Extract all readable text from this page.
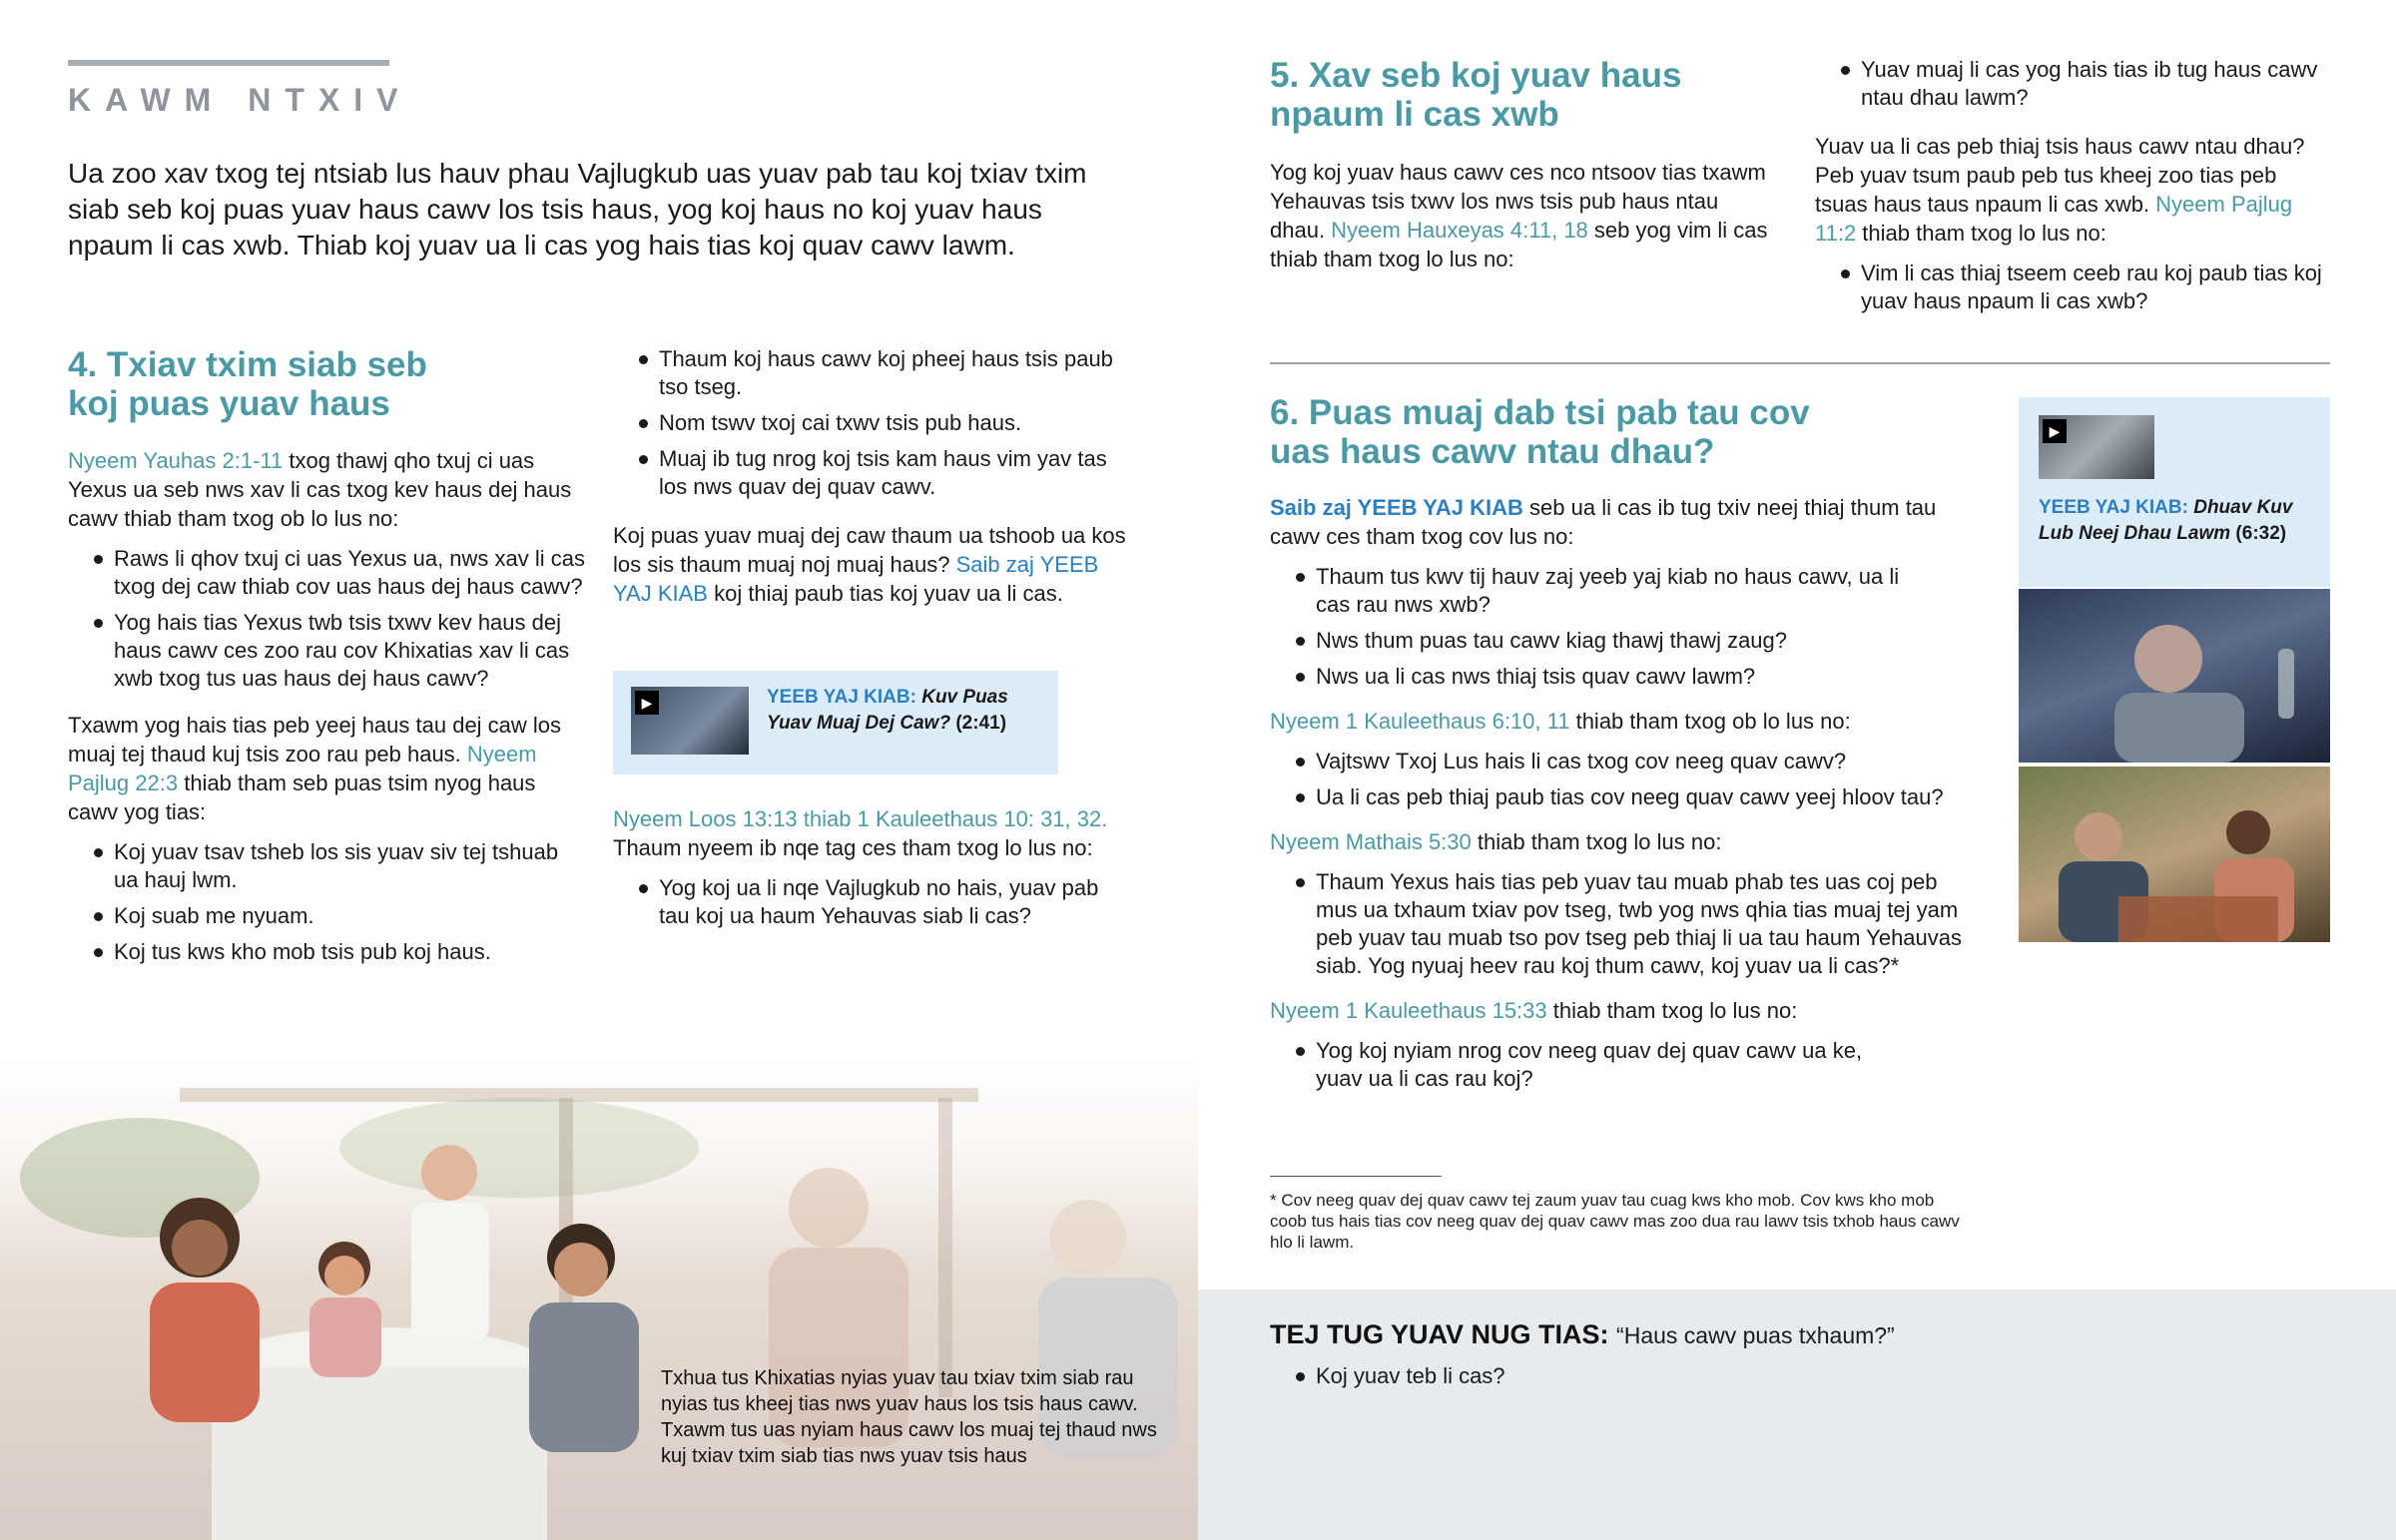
KAWM NTXIV
Ua zoo xav txog tej ntsiab lus hauv phau Vajlugkub uas yuav pab tau koj txiav txim siab seb koj puas yuav haus cawv los tsis haus, yog koj haus no koj yuav haus npaum li cas xwb. Thiab koj yuav ua li cas yog hais tias koj quav cawv lawm.
4. Txiav txim siab seb
koj puas yuav haus

Nyeem Yauhas 2:1-11 txog thawj qho txuj ci uas Yexus ua seb nws xav li cas txog kev haus dej haus cawv thiab tham txog ob lo lus no:

Raws li qhov txuj ci uas Yexus ua, nws xav li cas txog dej caw thiab cov uas haus dej haus cawv?
Yog hais tias Yexus twb tsis txwv kev haus dej haus cawv ces zoo rau cov Khixatias xav li cas xwb txog tus uas haus dej haus cawv?

Txawm yog hais tias peb yeej haus tau dej caw los muaj tej thaud kuj tsis zoo rau peb haus. Nyeem Pajlug 22:3 thiab tham seb puas tsim nyog haus cawv yog tias:

Koj yuav tsav tsheb los sis yuav siv tej tshuab ua hauj lwm.
Koj suab me nyuam.
Koj tus kws kho mob tsis pub koj haus.
Thaum koj haus cawv koj pheej haus tsis paub tso tseg.
Nom tswv txoj cai txwv tsis pub haus.
Muaj ib tug nrog koj tsis kam haus vim yav tas los nws quav dej quav cawv.

Koj puas yuav muaj dej caw thaum ua tshoob ua kos los sis thaum muaj noj muaj haus? Saib zaj YEEB YAJ KIAB koj thiaj paub tias koj yuav ua li cas.

▶	YEEB YAJ KIAB: Kuv Puas Yuav Muaj Dej Caw? (2:41)

Nyeem Loos 13:13 thiab 1 Kauleethaus 10: 31, 32. Thaum nyeem ib nqe tag ces tham txog lo lus no:

Yog koj ua li nqe Vajlugkub no hais, yuav pab tau koj ua haum Yehauvas siab li cas?
Txhua tus Khixatias nyias yuav tau txiav txim siab rau nyias tus kheej tias nws yuav haus los tsis haus cawv. Txawm tus uas nyiam haus cawv los muaj tej thaud nws kuj txiav txim siab tias nws yuav tsis haus
5. Xav seb koj yuav haus
npaum li cas xwb

Yog koj yuav haus cawv ces nco ntsoov tias txawm Yehauvas tsis txwv los nws tsis pub haus ntau dhau. Nyeem Hauxeyas 4:11, 18 seb yog vim li cas thiab tham txog lo lus no:

Yuav muaj li cas yog hais tias ib tug haus cawv ntau dhau lawm?

Yuav ua li cas peb thiaj tsis haus cawv ntau dhau? Peb yuav tsum paub peb tus kheej zoo tias peb tsuas haus taus npaum li cas xwb. Nyeem Pajlug 11:2 thiab tham txog lo lus no:

Vim li cas thiaj tseem ceeb rau koj paub tias koj yuav haus npaum li cas xwb?
6. Puas muaj dab tsi pab tau cov
uas haus cawv ntau dhau?

Saib zaj YEEB YAJ KIAB seb ua li cas ib tug txiv neej thiaj thum tau cawv ces tham txog cov lus no:

Thaum tus kwv tij hauv zaj yeeb yaj kiab no haus cawv, ua li cas rau nws xwb?
Nws thum puas tau cawv kiag thawj thawj zaug?
Nws ua li cas nws thiaj tsis quav cawv lawm?

Nyeem 1 Kauleethaus 6:10, 11 thiab tham txog ob lo lus no:

Vajtswv Txoj Lus hais li cas txog cov neeg quav cawv?
Ua li cas peb thiaj paub tias cov neeg quav cawv yeej hloov tau?

Nyeem Mathais 5:30 thiab tham txog lo lus no:

Thaum Yexus hais tias peb yuav tau muab phab tes uas coj peb mus ua txhaum txiav pov tseg, twb yog nws qhia tias muaj tej yam peb yuav tau muab tso pov tseg peb thiaj li ua tau haum Yehauvas siab. Yog nyuaj heev rau koj thum cawv, koj yuav ua li cas?*

Nyeem 1 Kauleethaus 15:33 thiab tham txog lo lus no:

Yog koj nyiam nrog cov neeg quav dej quav cawv ua ke, yuav ua li cas rau koj?
* Cov neeg quav dej quav cawv tej zaum yuav tau cuag kws kho mob. Cov kws kho mob coob tus hais tias cov neeg quav dej quav cawv mas zoo dua rau lawv tsis txhob haus cawv hlo li lawm.
▶
YEEB YAJ KIAB: Dhuav Kuv Lub Neej Dhau Lawm (6:32)
TEJ TUG YUAV NUG TIAS: “Haus cawv puas txhaum?”
Koj yuav teb li cas?
